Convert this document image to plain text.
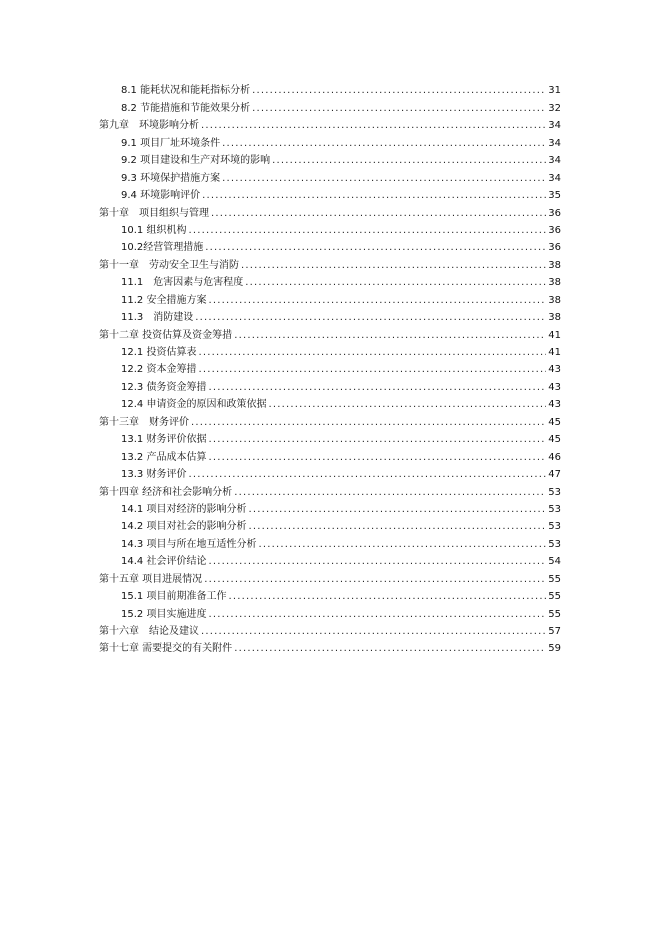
8.1 能耗状况和能耗指标分析 .....	31
8.2 节能措施和节能效果分析 .....	32
第九章　环境影响分析 .....	34
9.1 项目厂址环境条件 .....	34
9.2 项目建设和生产对环境的影响 .....	34
9.3 环境保护措施方案 .....	34
9.4 环境影响评价 .....	35
第十章　项目组织与管理 .....	36
10.1 组织机构 .....	36
10.2经营管理措施 .....	36
第十一章　劳动安全卫生与消防 .....	38
11.1　危害因素与危害程度 .....	38
11.2 安全措施方案 .....	38
11.3　消防建设 .....	38
第十二章 投资估算及资金筹措 .....	41
12.1 投资估算表 .....	41
12.2 资本金筹措 .....	43
12.3 债务资金筹措 .....	43
12.4 申请资金的原因和政策依据 .....	43
第十三章　财务评价 .....	45
13.1 财务评价依据 .....	45
13.2 产品成本估算 .....	46
13.3 财务评价 .....	47
第十四章 经济和社会影响分析 .....	53
14.1 项目对经济的影响分析 .....	53
14.2 项目对社会的影响分析 .....	53
14.3 项目与所在地互适性分析 .....	53
14.4 社会评价结论 .....	54
第十五章 项目进展情况 .....	55
15.1 项目前期准备工作 .....	55
15.2 项目实施进度 .....	55
第十六章　结论及建议 .....	57
第十七章 需要提交的有关附件 .....	59
